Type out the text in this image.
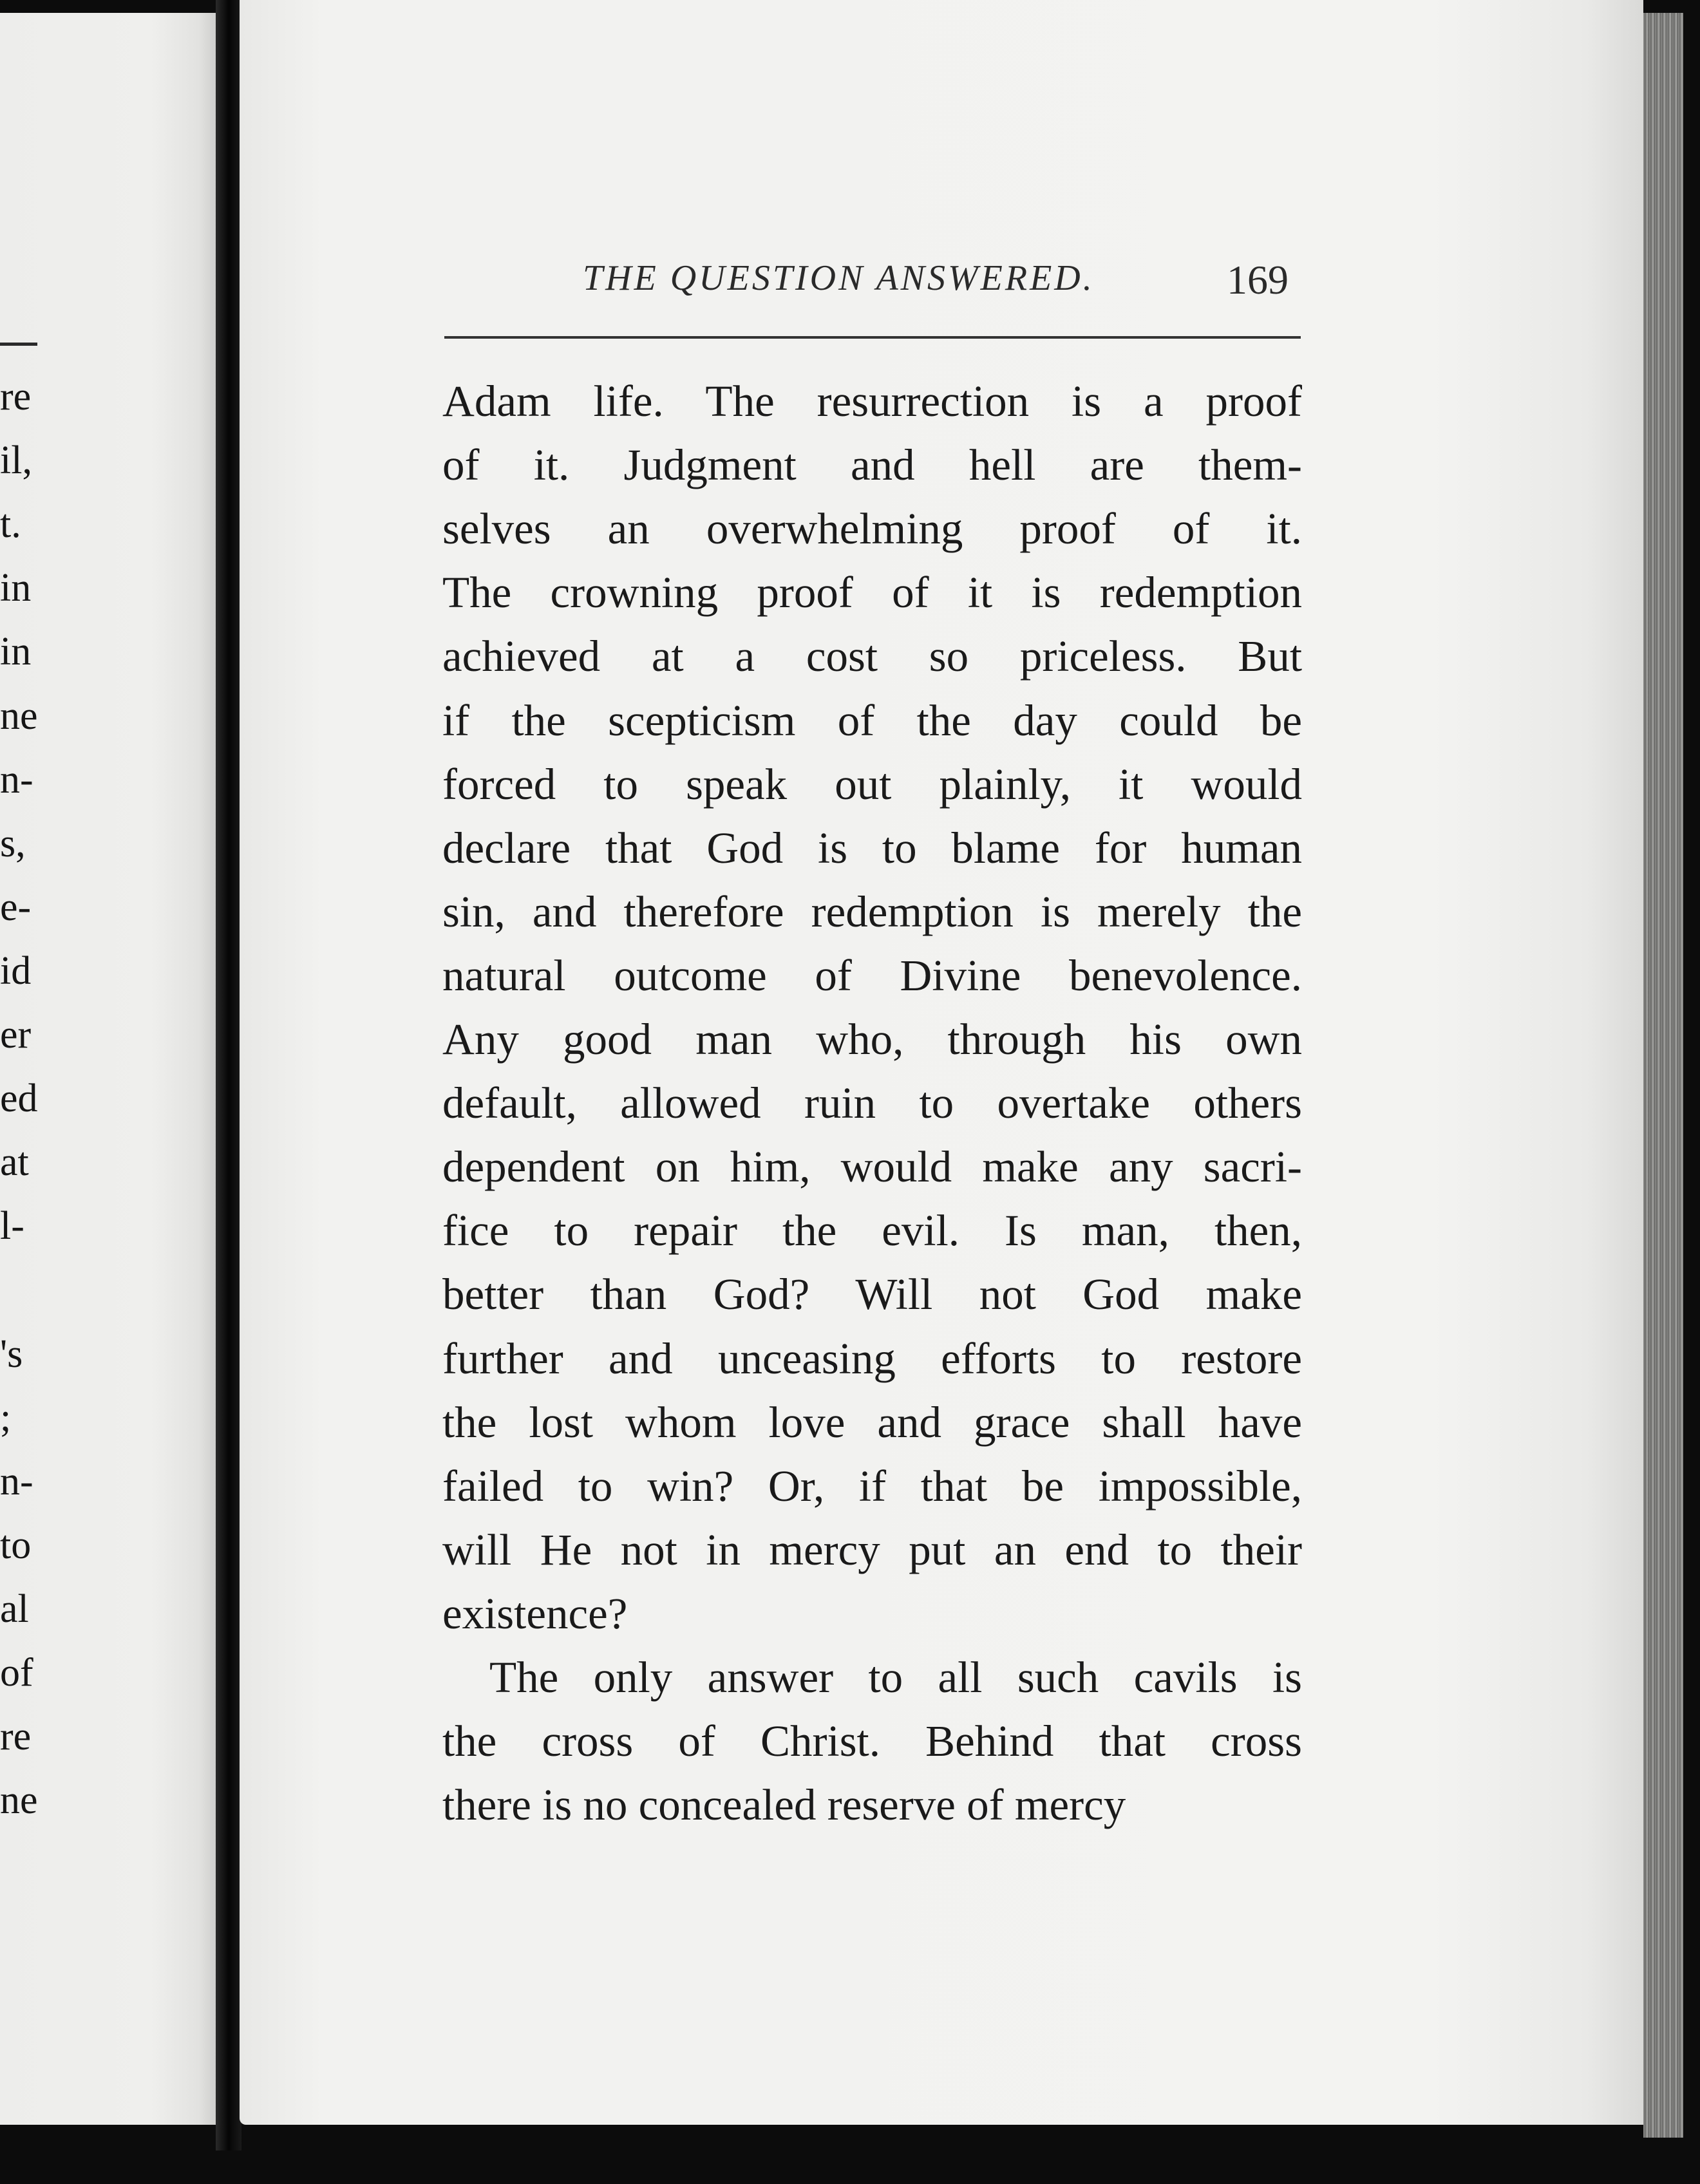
re
il,
t.
in
in
ne
n-
s,
e-
id
er
ed
at
l-
's
;
n-
to
al
of
re
ne
THE QUESTION ANSWERED.	169
Adam life. The resurrection is a proof
of it. Judgment and hell are them-
selves an overwhelming proof of it.
The crowning proof of it is redemption
achieved at a cost so priceless. But
if the scepticism of the day could be
forced to speak out plainly, it would
declare that God is to blame for human
sin, and therefore redemption is merely the
natural outcome of Divine benevolence.
Any good man who, through his own
default, allowed ruin to overtake others
dependent on him, would make any sacri-
fice to repair the evil. Is man, then,
better than God? Will not God make
further and unceasing efforts to restore
the lost whom love and grace shall have
failed to win? Or, if that be impossible,
will He not in mercy put an end to their
existence?
The only answer to all such cavils is
the cross of Christ. Behind that cross
there is no concealed reserve of mercy
